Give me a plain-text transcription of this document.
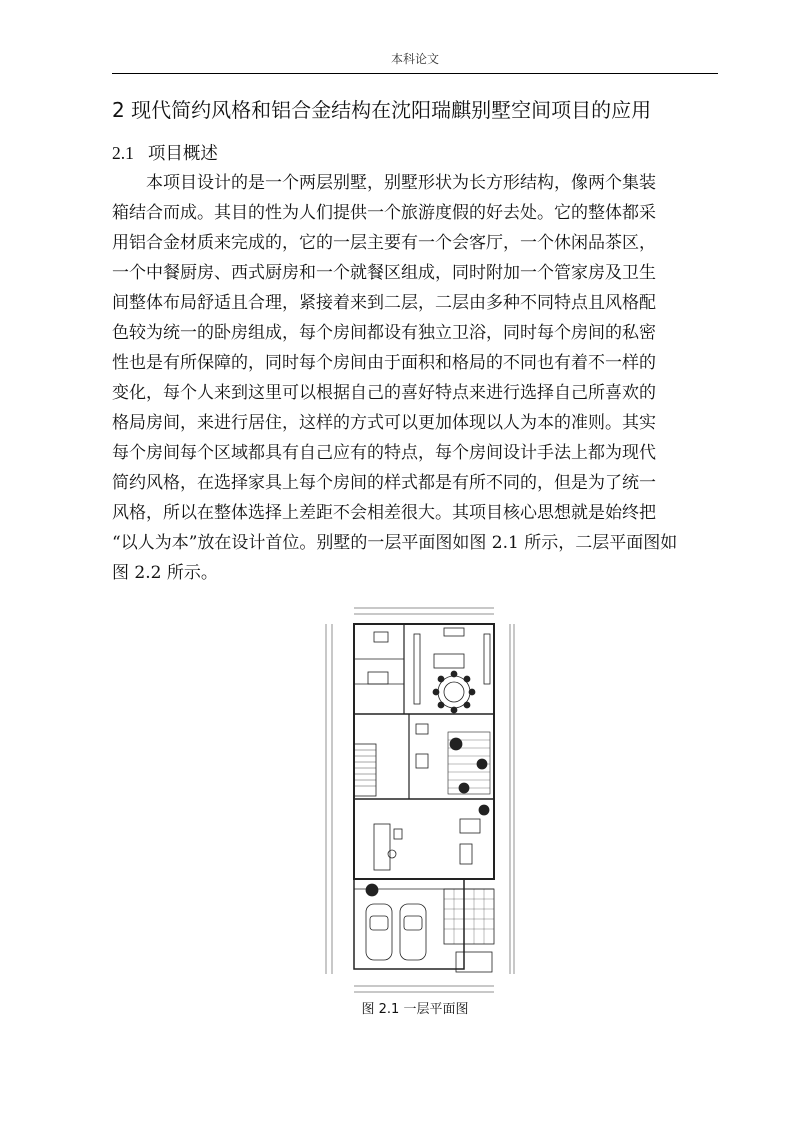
本科论文
2 现代简约风格和铝合金结构在沈阳瑞麒别墅空间项目的应用
2.1 项目概述
　　本项目设计的是一个两层别墅，别墅形状为长方形结构，像两个集装
箱结合而成。其目的性为人们提供一个旅游度假的好去处。它的整体都采
用铝合金材质来完成的，它的一层主要有一个会客厅，一个休闲品茶区，
一个中餐厨房、西式厨房和一个就餐区组成，同时附加一个管家房及卫生
间整体布局舒适且合理，紧接着来到二层，二层由多种不同特点且风格配
色较为统一的卧房组成，每个房间都设有独立卫浴，同时每个房间的私密
性也是有所保障的，同时每个房间由于面积和格局的不同也有着不一样的
变化，每个人来到这里可以根据自己的喜好特点来进行选择自己所喜欢的
格局房间，来进行居住，这样的方式可以更加体现以人为本的准则。其实
每个房间每个区域都具有自己应有的特点，每个房间设计手法上都为现代
简约风格，在选择家具上每个房间的样式都是有所不同的，但是为了统一
风格，所以在整体选择上差距不会相差很大。其项目核心思想就是始终把
“以人为本”放在设计首位。别墅的一层平面图如图 2.1 所示，二层平面图如
图 2.2 所示。
图 2.1 一层平面图
